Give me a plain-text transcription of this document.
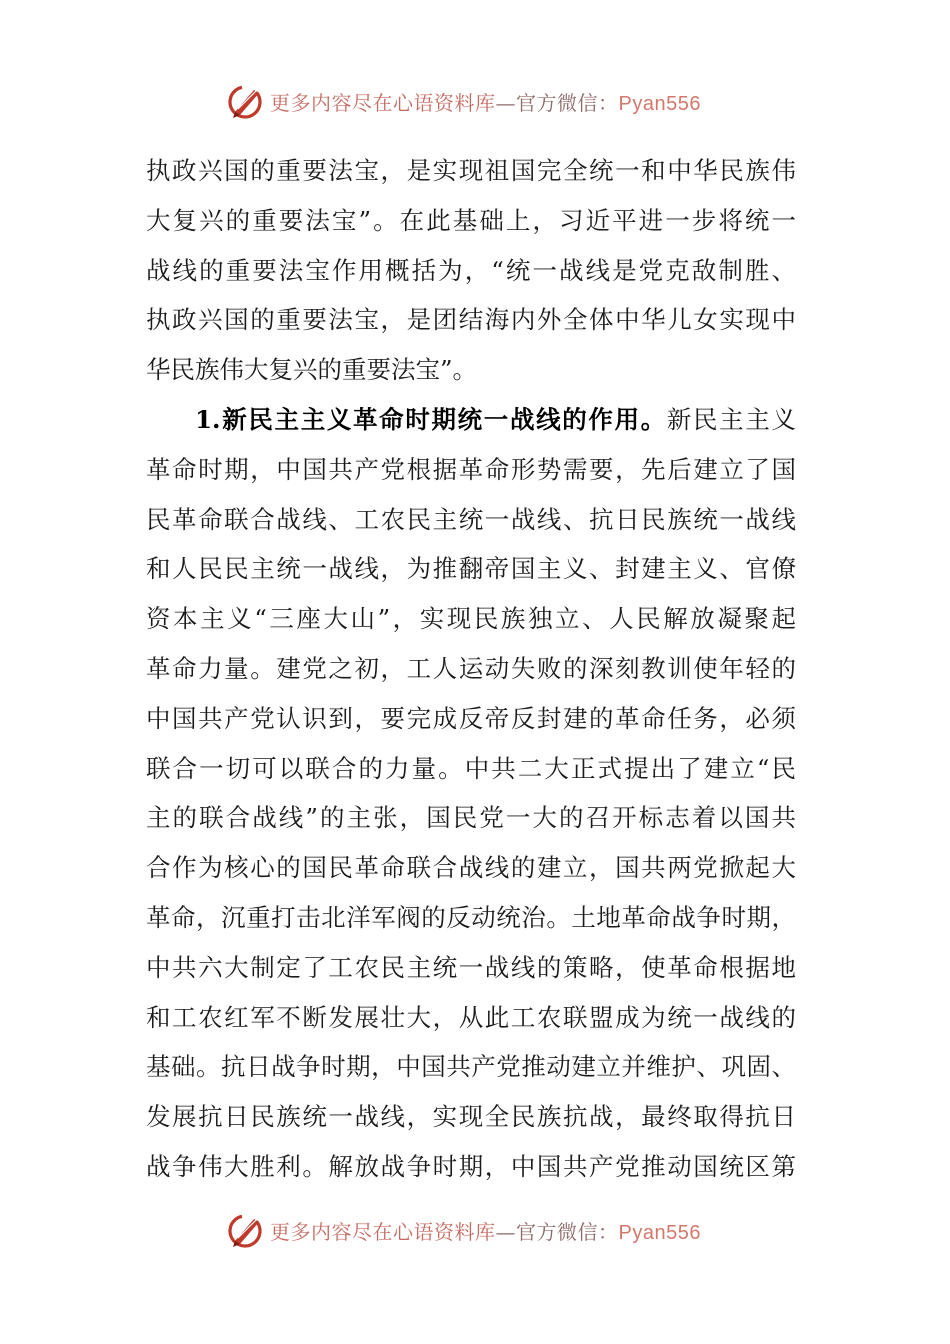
更多内容尽在心语资料库—官方微信：Pyan556
执政兴国的重要法宝，是实现祖国完全统一和中华民族伟
大复兴的重要法宝”。在此基础上，习近平进一步将统一
战线的重要法宝作用概括为，“统一战线是党克敌制胜、
执政兴国的重要法宝，是团结海内外全体中华儿女实现中
华民族伟大复兴的重要法宝”。
1.新民主主义革命时期统一战线的作用。新民主主义
革命时期，中国共产党根据革命形势需要，先后建立了国
民革命联合战线、工农民主统一战线、抗日民族统一战线
和人民民主统一战线，为推翻帝国主义、封建主义、官僚
资本主义“三座大山”，实现民族独立、人民解放凝聚起
革命力量。建党之初，工人运动失败的深刻教训使年轻的
中国共产党认识到，要完成反帝反封建的革命任务，必须
联合一切可以联合的力量。中共二大正式提出了建立“民
主的联合战线”的主张，国民党一大的召开标志着以国共
合作为核心的国民革命联合战线的建立，国共两党掀起大
革命，沉重打击北洋军阀的反动统治。土地革命战争时期，
中共六大制定了工农民主统一战线的策略，使革命根据地
和工农红军不断发展壮大，从此工农联盟成为统一战线的
基础。抗日战争时期，中国共产党推动建立并维护、巩固、
发展抗日民族统一战线，实现全民族抗战，最终取得抗日
战争伟大胜利。解放战争时期，中国共产党推动国统区第
更多内容尽在心语资料库—官方微信：Pyan556
